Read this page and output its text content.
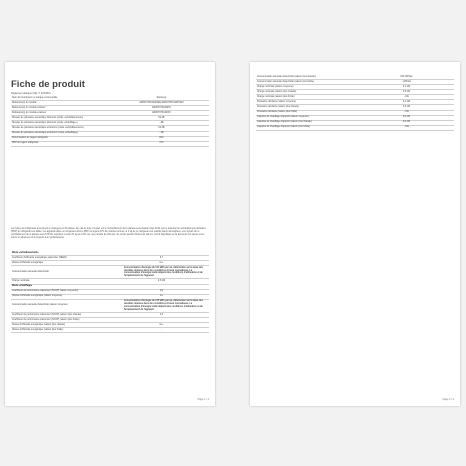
Fiche de produit
Règlement délégué (UE) n° 626/2011
Nom du fournisseur ou marque commerciale	Samsung
Référence(s) du modèle	AR09TXHCAWKNEU/AR09TXHCAWKXEU
Référence(s) du modèle intérieur	AR09TXHCAWKN
Référence(s) du modèle extérieur	AR09TXHCAWKX
Niveaux de puissance acoustique intérieurs (mode «refroidissement»)	54 dB
Niveaux de puissance acoustique intérieurs (mode «chauffage»)	- dB
Niveaux de puissance acoustique extérieurs (mode «refroidissement»)	63 dB
Niveaux de puissance acoustique extérieurs (mode «chauffage»)	- dB
Dénomination de l'agent réfrigérant	R32
PRP de l'agent réfrigérant	675
Les fuites de réfrigérants accentuent le changement climatique. En cas de fuite, l'impact sur le réchauffement de la planète sera d'autant plus limité que le potentiel de réchauffement planétaire (PRP) du réfrigérant est faible. Cet appareil utilise un réfrigérant dont le PRP est égal à 675. En d'autres termes, si 1 kg de ce réfrigérant est relâché dans l'atmosphère, son impact sur le réchauffement de la planète sera 675 fois supérieur à celui d'1 kg de CO2, sur une période de 100 ans. Ne tentez jamais d'intervenir dans le circuit frigorifique et de démonter les pièces vous-même et adressez-vous toujours à un professionnel.
Mode «refroidissement»	
Coefficient d'efficacité énergétique saisonnier (SEER)	6,7
Classe d'efficacité énergétique	A++
Consommation annuelle d'électricité	Consommation d'énergie de 121 kWh par an, déterminée sur la base des résultats obtenus dans des conditions d'essai normalisées. La consommation d'énergie réelle dépend des conditions d'utilisation et de l'emplacement de l'appareil.
Charge nominale	2,5 kW
Mode «chauffage»	
Coefficient de performance saisonnier (SCOP) (saison moyenne)	4,0
Classe d'efficacité énergétique (saison moyenne)	A+
Consommation annuelle d'électricité (saison moyenne)	Consommation d'énergie de 735 kWh par an, déterminée sur la base des résultats obtenus dans des conditions d'essai normalisées. La consommation d'énergie réelle dépend des conditions d'utilisation et de l'emplacement de l'appareil.
Coefficient de performance saisonnier (SCOP) (saison plus chaude)	4,6
Coefficient de performance saisonnier (SCOP) (saison plus froide)	-
Classe d'efficacité énergétique (saison plus chaude)	A++
Classe d'efficacité énergétique (saison plus froide)	-
Page 1 / 2
Consommation annuelle d'électricité (saison plus chaude)	331 kWh/an
Consommation annuelle d'électricité (saison plus froide)	- kWh/an
Charge nominale (saison moyenne)	2,1 kW
Charge nominale (saison plus chaude)	2,5 kW
Charge nominale (saison plus froide)	- kW
Puissance déclarée (saison moyenne)	2,1 kW
Puissance déclarée (saison plus chaude)	2,5 kW
Puissance déclarée (saison plus froide)	- kW
Capacité de chauffage d'appoint (saison moyenne)	0,0 kW
Capacité de chauffage d'appoint (saison plus chaude)	0,0 kW
Capacité de chauffage d'appoint (saison plus froide)	- kW
Page 2 / 2
